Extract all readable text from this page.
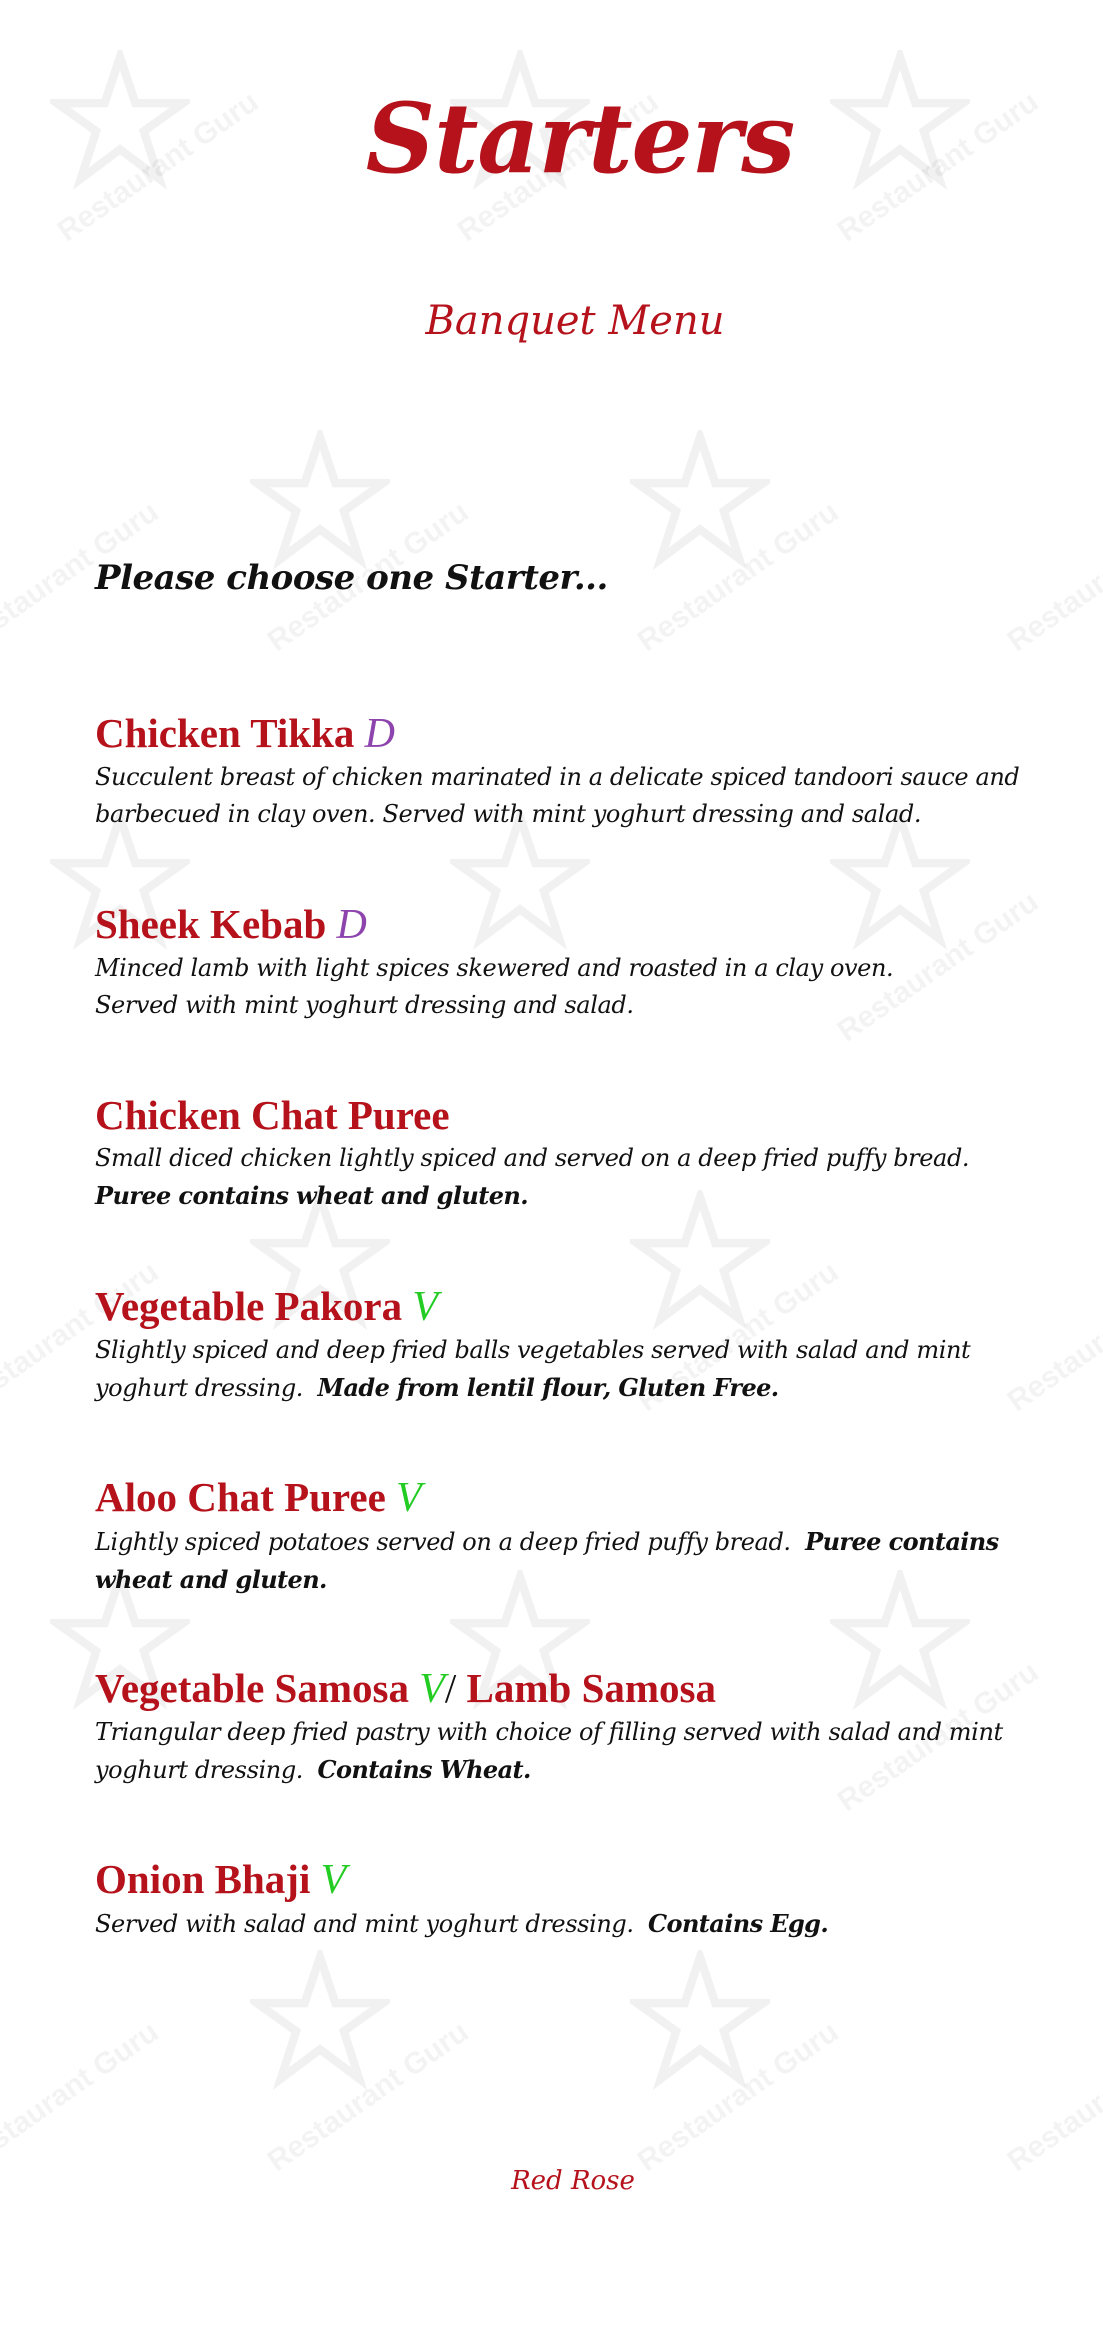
Starters
Banquet Menu
Please choose one Starter...
Chicken Tikka D
Succulent breast of chicken marinated in a delicate spiced tandoori sauce and
barbecued in clay oven. Served with mint yoghurt dressing and salad.
Sheek Kebab D
Minced lamb with light spices skewered and roasted in a clay oven.
Served with mint yoghurt dressing and salad.
Chicken Chat Puree
Small diced chicken lightly spiced and served on a deep fried puffy bread.
Puree contains wheat and gluten.
Vegetable Pakora V
Slightly spiced and deep fried balls vegetables served with salad and mint
yoghurt dressing. Made from lentil flour, Gluten Free.
Aloo Chat Puree V
Lightly spiced potatoes served on a deep fried puffy bread. Puree contains
wheat and gluten.
Vegetable Samosa V/ Lamb Samosa
Triangular deep fried pastry with choice of filling served with salad and mint
yoghurt dressing. Contains Wheat.
Onion Bhaji V
Served with salad and mint yoghurt dressing. Contains Egg.
Red Rose
